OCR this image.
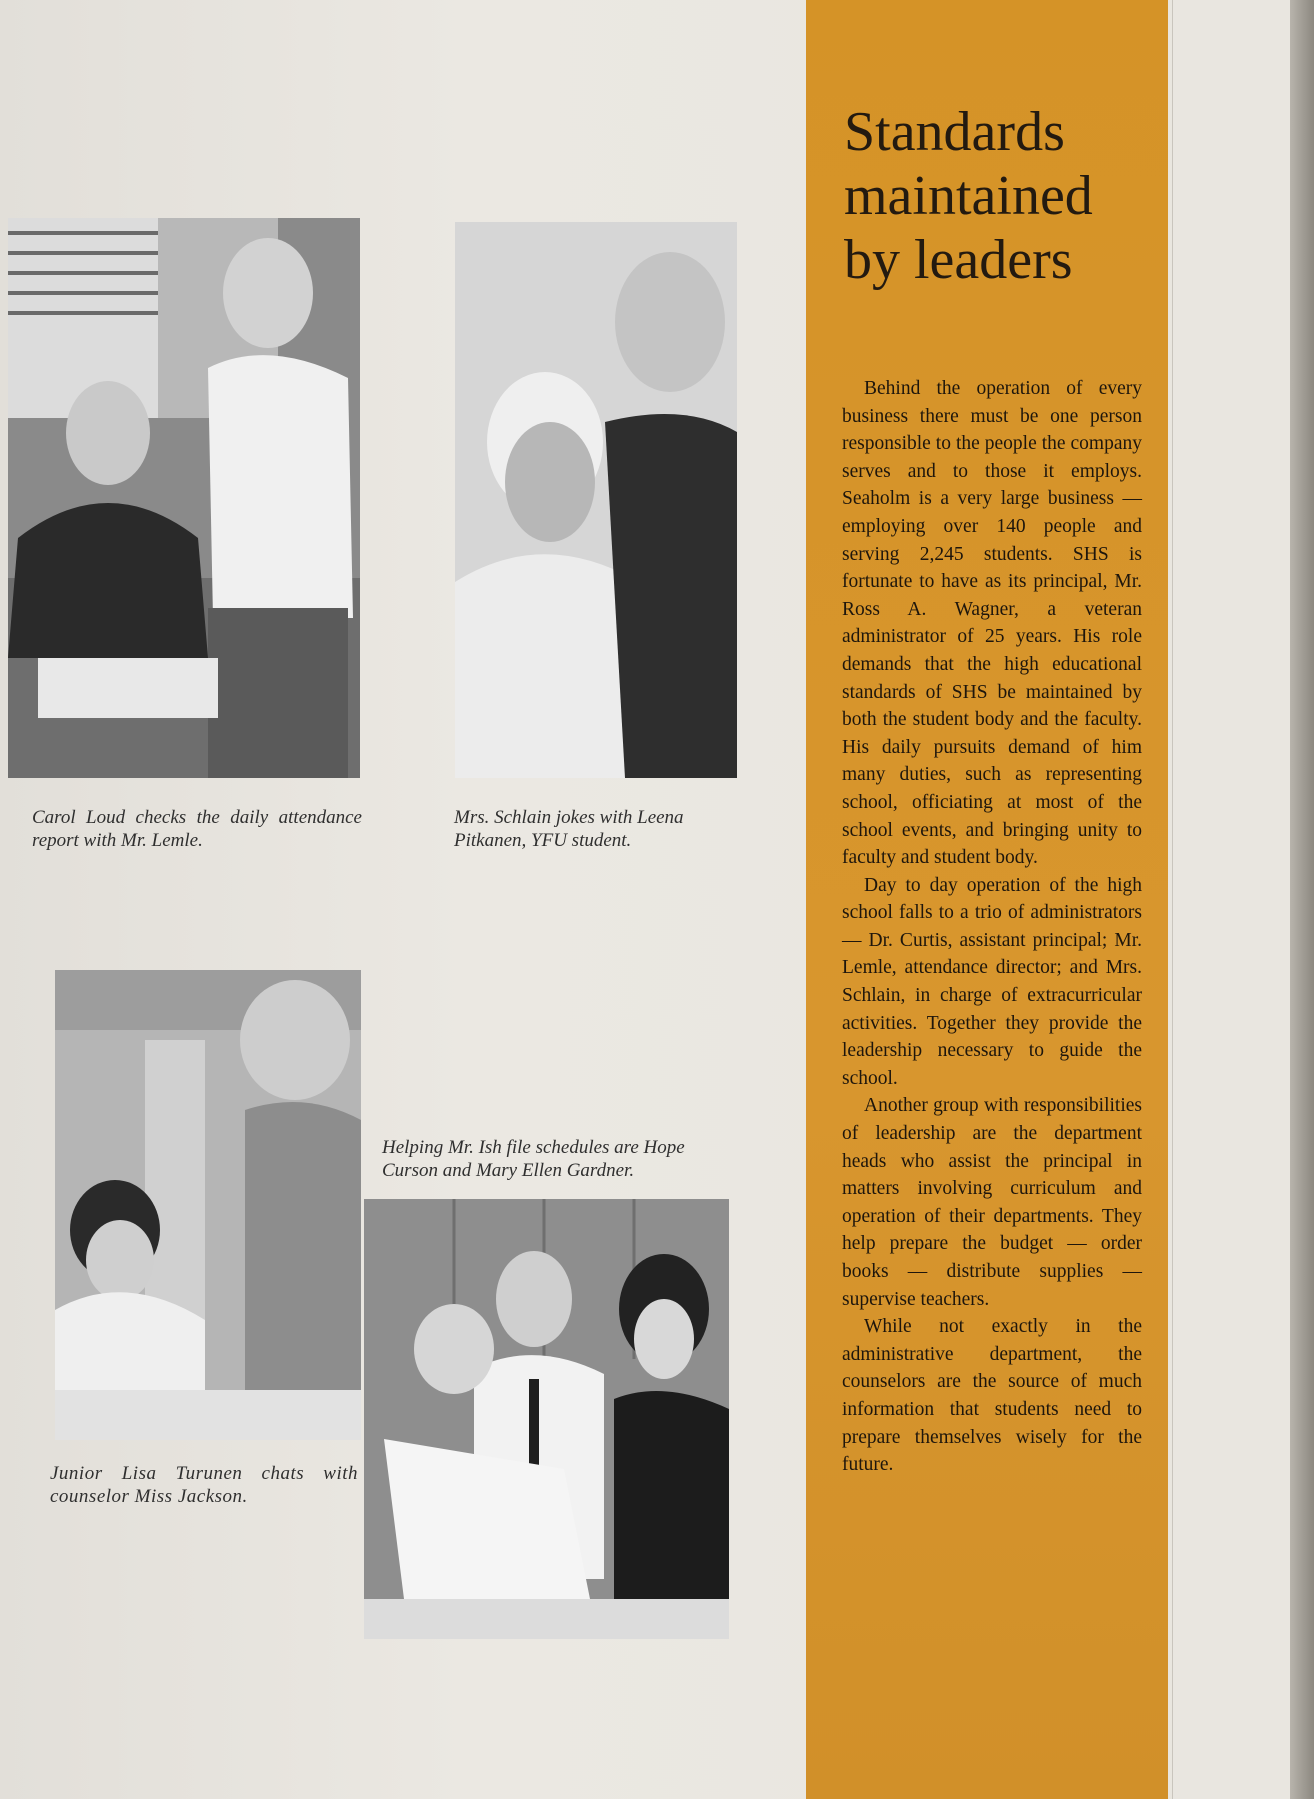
Carol Loud checks the daily attendance report with Mr. Lemle.

Mrs. Schlain jokes with Leena Pitkanen, YFU student.

Junior Lisa Turunen chats with counselor Miss Jackson.

Helping Mr. Ish file schedules are Hope Curson and Mary Ellen Gardner.

Standards
maintained
by leaders

Behind the operation of every business there must be one person responsible to the people the company serves and to those it employs. Seaholm is a very large business — employing over 140 people and serving 2,245 students. SHS is fortunate to have as its principal, Mr. Ross A. Wagner, a veteran administrator of 25 years. His role demands that the high educational standards of SHS be maintained by both the student body and the faculty. His daily pursuits demand of him many duties, such as representing school, officiating at most of the school events, and bringing unity to faculty and student body.

Day to day operation of the high school falls to a trio of administrators — Dr. Curtis, assistant principal; Mr. Lemle, attendance director; and Mrs. Schlain, in charge of extracurricular activities. Together they provide the leadership necessary to guide the school.

Another group with responsibilities of leadership are the department heads who assist the principal in matters involving curriculum and operation of their departments. They help prepare the budget — order books — distribute supplies — supervise teachers.

While not exactly in the administrative department, the counselors are the source of much information that students need to prepare themselves wisely for the future.
